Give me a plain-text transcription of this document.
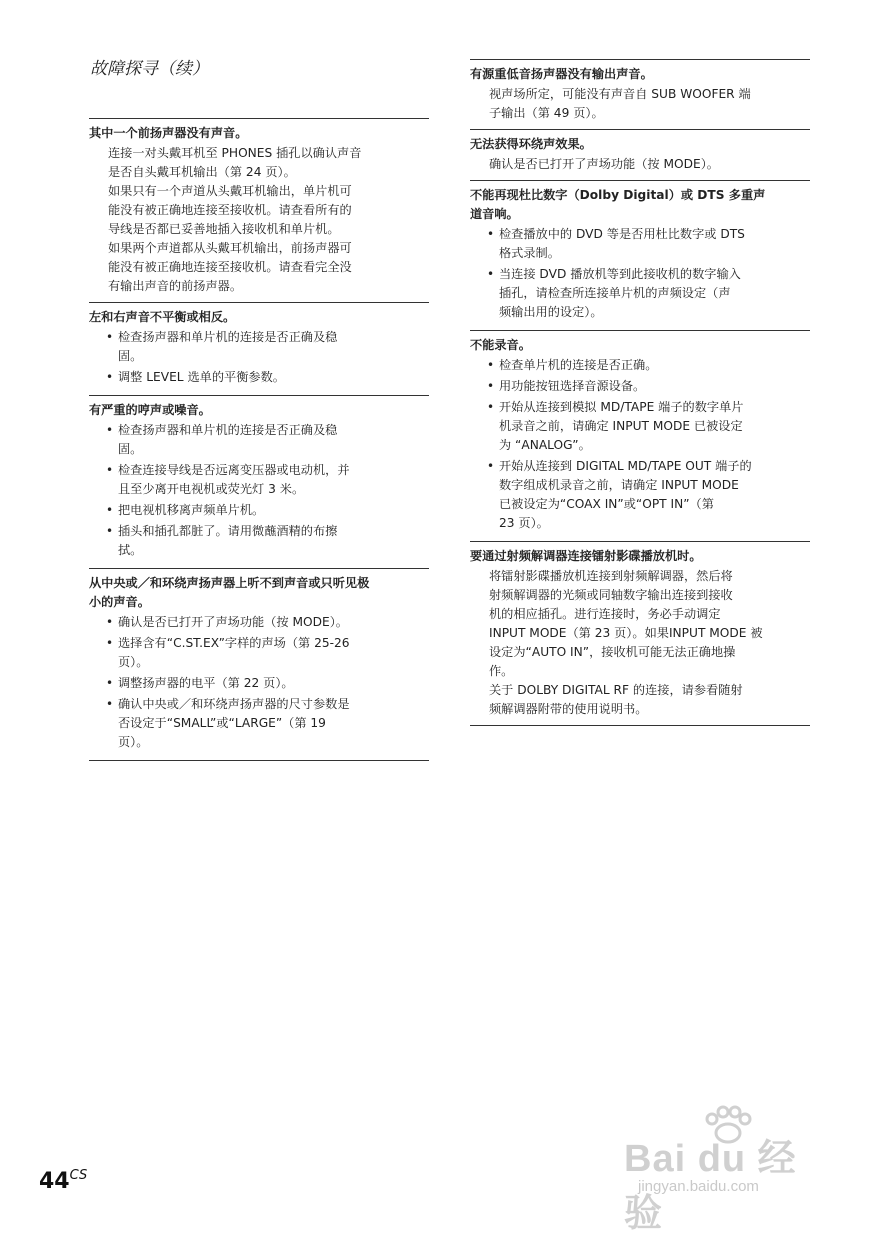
故障探寻（续）
其中一个前扬声器没有声音。
连接一对头戴耳机至 PHONES 插孔以确认声音
是否自头戴耳机输出（第 24 页）。
如果只有一个声道从头戴耳机输出，单片机可
能没有被正确地连接至接收机。请查看所有的
导线是否都已妥善地插入接收机和单片机。
如果两个声道都从头戴耳机输出，前扬声器可
能没有被正确地连接至接收机。请查看完全没
有输出声音的前扬声器。
左和右声音不平衡或相反。
• 检查扬声器和单片机的连接是否正确及稳
固。
• 调整 LEVEL 选单的平衡参数。
有严重的哼声或噪音。
• 检查扬声器和单片机的连接是否正确及稳
固。
• 检查连接导线是否远离变压器或电动机，并
且至少离开电视机或荧光灯 3 米。
• 把电视机移离声频单片机。
• 插头和插孔都脏了。请用微蘸酒精的布擦
拭。
从中央或／和环绕声扬声器上听不到声音或只听见极
小的声音。
• 确认是否已打开了声场功能（按 MODE）。
• 选择含有“C.ST.EX”字样的声场（第 25-26
页）。
• 调整扬声器的电平（第 22 页）。
• 确认中央或／和环绕声扬声器的尺寸参数是
否设定于“SMALL”或“LARGE”（第 19
页）。
有源重低音扬声器没有输出声音。
视声场所定，可能没有声音自 SUB WOOFER 端
子输出（第 49 页）。
无法获得环绕声效果。
确认是否已打开了声场功能（按 MODE）。
不能再现杜比数字（Dolby Digital）或 DTS 多重声
道音响。
• 检查播放中的 DVD 等是否用杜比数字或 DTS
格式录制。
• 当连接 DVD 播放机等到此接收机的数字输入
插孔，请检查所连接单片机的声频设定（声
频输出用的设定）。
不能录音。
• 检查单片机的连接是否正确。
• 用功能按钮选择音源设备。
• 开始从连接到模拟 MD/TAPE 端子的数字单片
机录音之前，请确定 INPUT MODE 已被设定
为 “ANALOG”。
• 开始从连接到 DIGITAL MD/TAPE OUT 端子的
数字组成机录音之前，请确定 INPUT MODE
已被设定为“COAX IN”或“OPT IN”（第
23 页）。
要通过射频解调器连接镭射影碟播放机时。
将镭射影碟播放机连接到射频解调器，然后将
射频解调器的光频或同轴数字输出连接到接收
机的相应插孔。进行连接时，务必手动调定
INPUT MODE（第 23 页）。如果INPUT MODE 被
设定为“AUTO IN”，接收机可能无法正确地操
作。
关于 DOLBY DIGITAL RF 的连接，请参看随射
频解调器附带的使用说明书。
$44^{CS}$	Bai du 经验
jingyan.baidu.com
